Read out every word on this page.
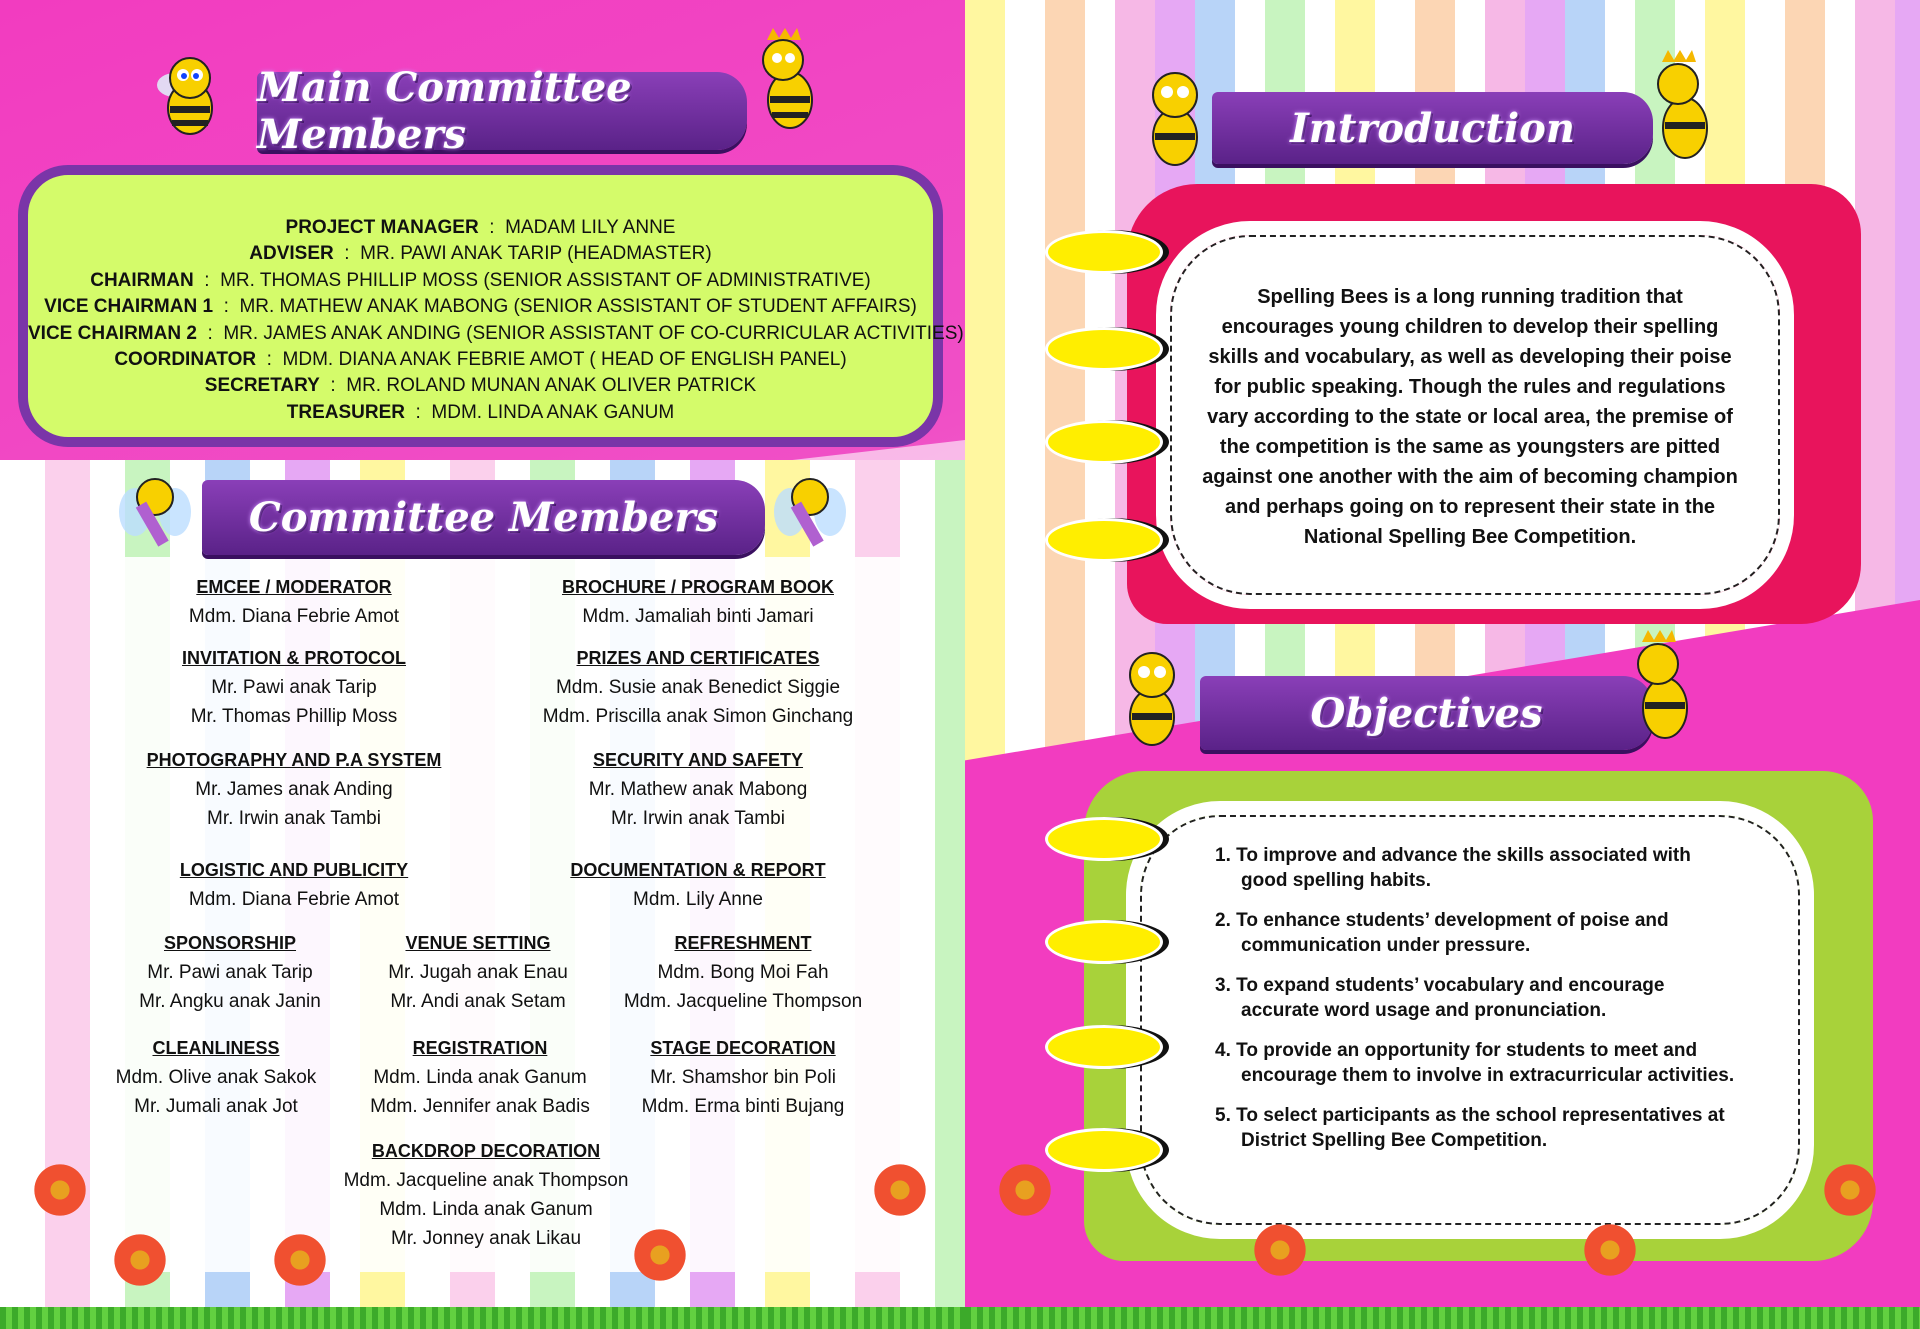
Main Committee Members
PROJECT MANAGER  :  MADAM LILY ANNE
ADVISER  :  MR. PAWI ANAK TARIP (HEADMASTER)
CHAIRMAN  :  MR. THOMAS PHILLIP MOSS (SENIOR ASSISTANT OF ADMINISTRATIVE)
VICE CHAIRMAN 1  :  MR. MATHEW ANAK MABONG (SENIOR ASSISTANT OF STUDENT AFFAIRS)
VICE CHAIRMAN 2  :  MR. JAMES ANAK ANDING (SENIOR ASSISTANT OF CO-CURRICULAR ACTIVITIES)
COORDINATOR  :  MDM. DIANA ANAK FEBRIE AMOT ( HEAD OF ENGLISH PANEL)
SECRETARY  :  MR. ROLAND MUNAN ANAK OLIVER PATRICK
TREASURER  :  MDM. LINDA ANAK GANUM
Committee Members
EMCEE / MODERATOR
Mdm. Diana Febrie Amot
BROCHURE / PROGRAM BOOK
Mdm. Jamaliah binti Jamari
INVITATION & PROTOCOL
Mr. Pawi anak Tarip
Mr. Thomas Phillip Moss
PRIZES AND CERTIFICATES
Mdm. Susie anak Benedict Siggie
Mdm. Priscilla anak Simon Ginchang
PHOTOGRAPHY AND P.A SYSTEM
Mr. James anak Anding
Mr. Irwin anak Tambi
SECURITY AND SAFETY
Mr. Mathew anak Mabong
Mr. Irwin anak Tambi
LOGISTIC AND PUBLICITY
Mdm. Diana Febrie Amot
DOCUMENTATION & REPORT
Mdm. Lily Anne
SPONSORSHIP
Mr. Pawi anak Tarip
Mr. Angku anak Janin
VENUE SETTING
Mr. Jugah anak Enau
Mr. Andi anak Setam
REFRESHMENT
Mdm. Bong Moi Fah
Mdm. Jacqueline Thompson
CLEANLINESS
Mdm. Olive anak Sakok
Mr. Jumali anak Jot
REGISTRATION
Mdm. Linda anak Ganum
Mdm. Jennifer anak Badis
STAGE DECORATION
Mr. Shamshor bin Poli
Mdm. Erma binti Bujang
BACKDROP DECORATION
Mdm. Jacqueline anak Thompson
Mdm. Linda anak Ganum
Mr. Jonney anak Likau
Introduction
Spelling Bees is a long running tradition that encourages young children to develop their spelling skills and vocabulary, as well as developing their poise for public speaking. Though the rules and regulations vary according to the state or local area, the premise of the competition is the same as youngsters are pitted against one another with the aim of becoming champion and perhaps going on to represent their state in the National Spelling Bee Competition.
Objectives
1. To improve and advance the skills associated with good spelling habits.
2. To enhance students’ development of poise and communication under pressure.
3. To expand students’ vocabulary and encourage accurate word usage and pronunciation.
4. To provide an opportunity for students to meet and encourage them to involve in extracurricular activities.
5. To select participants as the school representatives at District Spelling Bee Competition.
